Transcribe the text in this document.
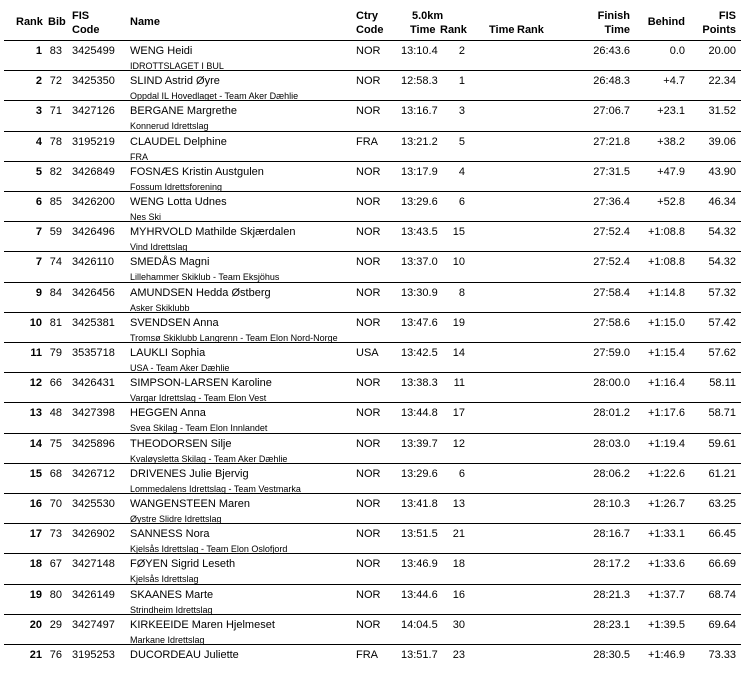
Rank Bib FIS
Code
Name	Ctry
Code
5.0km
Time Rank Time Rank
Finish
Time
Behind	FIS
Points
1 83 3425499 WENG Heidi
IDROTTSLAGET I BUL
NOR 13:10.4 2	26:43.6	0.0 20.00
2 72 3425350 SLIND Astrid Øyre
Oppdal IL Hovedlaget - Team Aker Dæhlie
NOR 12:58.3 1	26:48.3	+4.7 22.34
3 71 3427126 BERGANE Margrethe
Konnerud Idrettslag
NOR 13:16.7 3	27:06.7 +23.1 31.52
4 78 3195219 CLAUDEL Delphine
FRA
FRA 13:21.2 5	27:21.8 +38.2 39.06
5 82 3426849 FOSNÆS Kristin Austgulen
Fossum Idrettsforening
NOR 13:17.9 4	27:31.5 +47.9 43.90
6 85 3426200 WENG Lotta Udnes
Nes Ski
NOR 13:29.6 6	27:36.4 +52.8 46.34
7 59 3426496 MYHRVOLD Mathilde Skjærdalen
Vind Idrettslag
NOR 13:43.5 15	27:52.4 +1:08.8 54.32
7 74 3426110 SMEDÅS Magni
Lillehammer Skiklub - Team Eksjöhus
NOR 13:37.0 10	27:52.4 +1:08.8 54.32
9 84 3426456 AMUNDSEN Hedda Østberg
Asker Skiklubb
NOR 13:30.9 8	27:58.4 +1:14.8 57.32
10 81 3425381 SVENDSEN Anna
Tromsø Skiklubb Langrenn - Team Elon Nord-Norge
NOR 13:47.6 19	27:58.6 +1:15.0 57.42
11 79 3535718 LAUKLI Sophia
USA - Team Aker Dæhlie
USA 13:42.5 14	27:59.0 +1:15.4 57.62
12 66 3426431 SIMPSON-LARSEN Karoline
Vargar Idrettslag - Team Elon Vest
NOR 13:38.3 11	28:00.0 +1:16.4 58.11
13 48 3427398 HEGGEN Anna
Svea Skilag - Team Elon Innlandet
NOR 13:44.8 17	28:01.2 +1:17.6 58.71
14 75 3425896 THEODORSEN Silje
Kvaløysletta Skilag - Team Aker Dæhlie
NOR 13:39.7 12	28:03.0 +1:19.4 59.61
15 68 3426712 DRIVENES Julie Bjervig
Lommedalens Idrettslag - Team Vestmarka
NOR 13:29.6 6	28:06.2 +1:22.6 61.21
16 70 3425530 WANGENSTEEN Maren
Øystre Slidre Idrettslag
NOR 13:41.8 13	28:10.3 +1:26.7 63.25
17 73 3426902 SANNESS Nora
Kjelsås Idrettslag - Team Elon Oslofjord
NOR 13:51.5 21	28:16.7 +1:33.1 66.45
18 67 3427148 FØYEN Sigrid Leseth
Kjelsås Idrettslag
NOR 13:46.9 18	28:17.2 +1:33.6 66.69
19 80 3426149 SKAANES Marte
Strindheim Idrettslag
NOR 13:44.6 16	28:21.3 +1:37.7 68.74
20 29 3427497 KIRKEEIDE Maren Hjelmeset
Markane Idrettslag
NOR 14:04.5 30	28:23.1 +1:39.5 69.64
21 76 3195253 DUCORDEAU Juliette	FRA 13:51.7 23	28:30.5 +1:46.9 73.33
